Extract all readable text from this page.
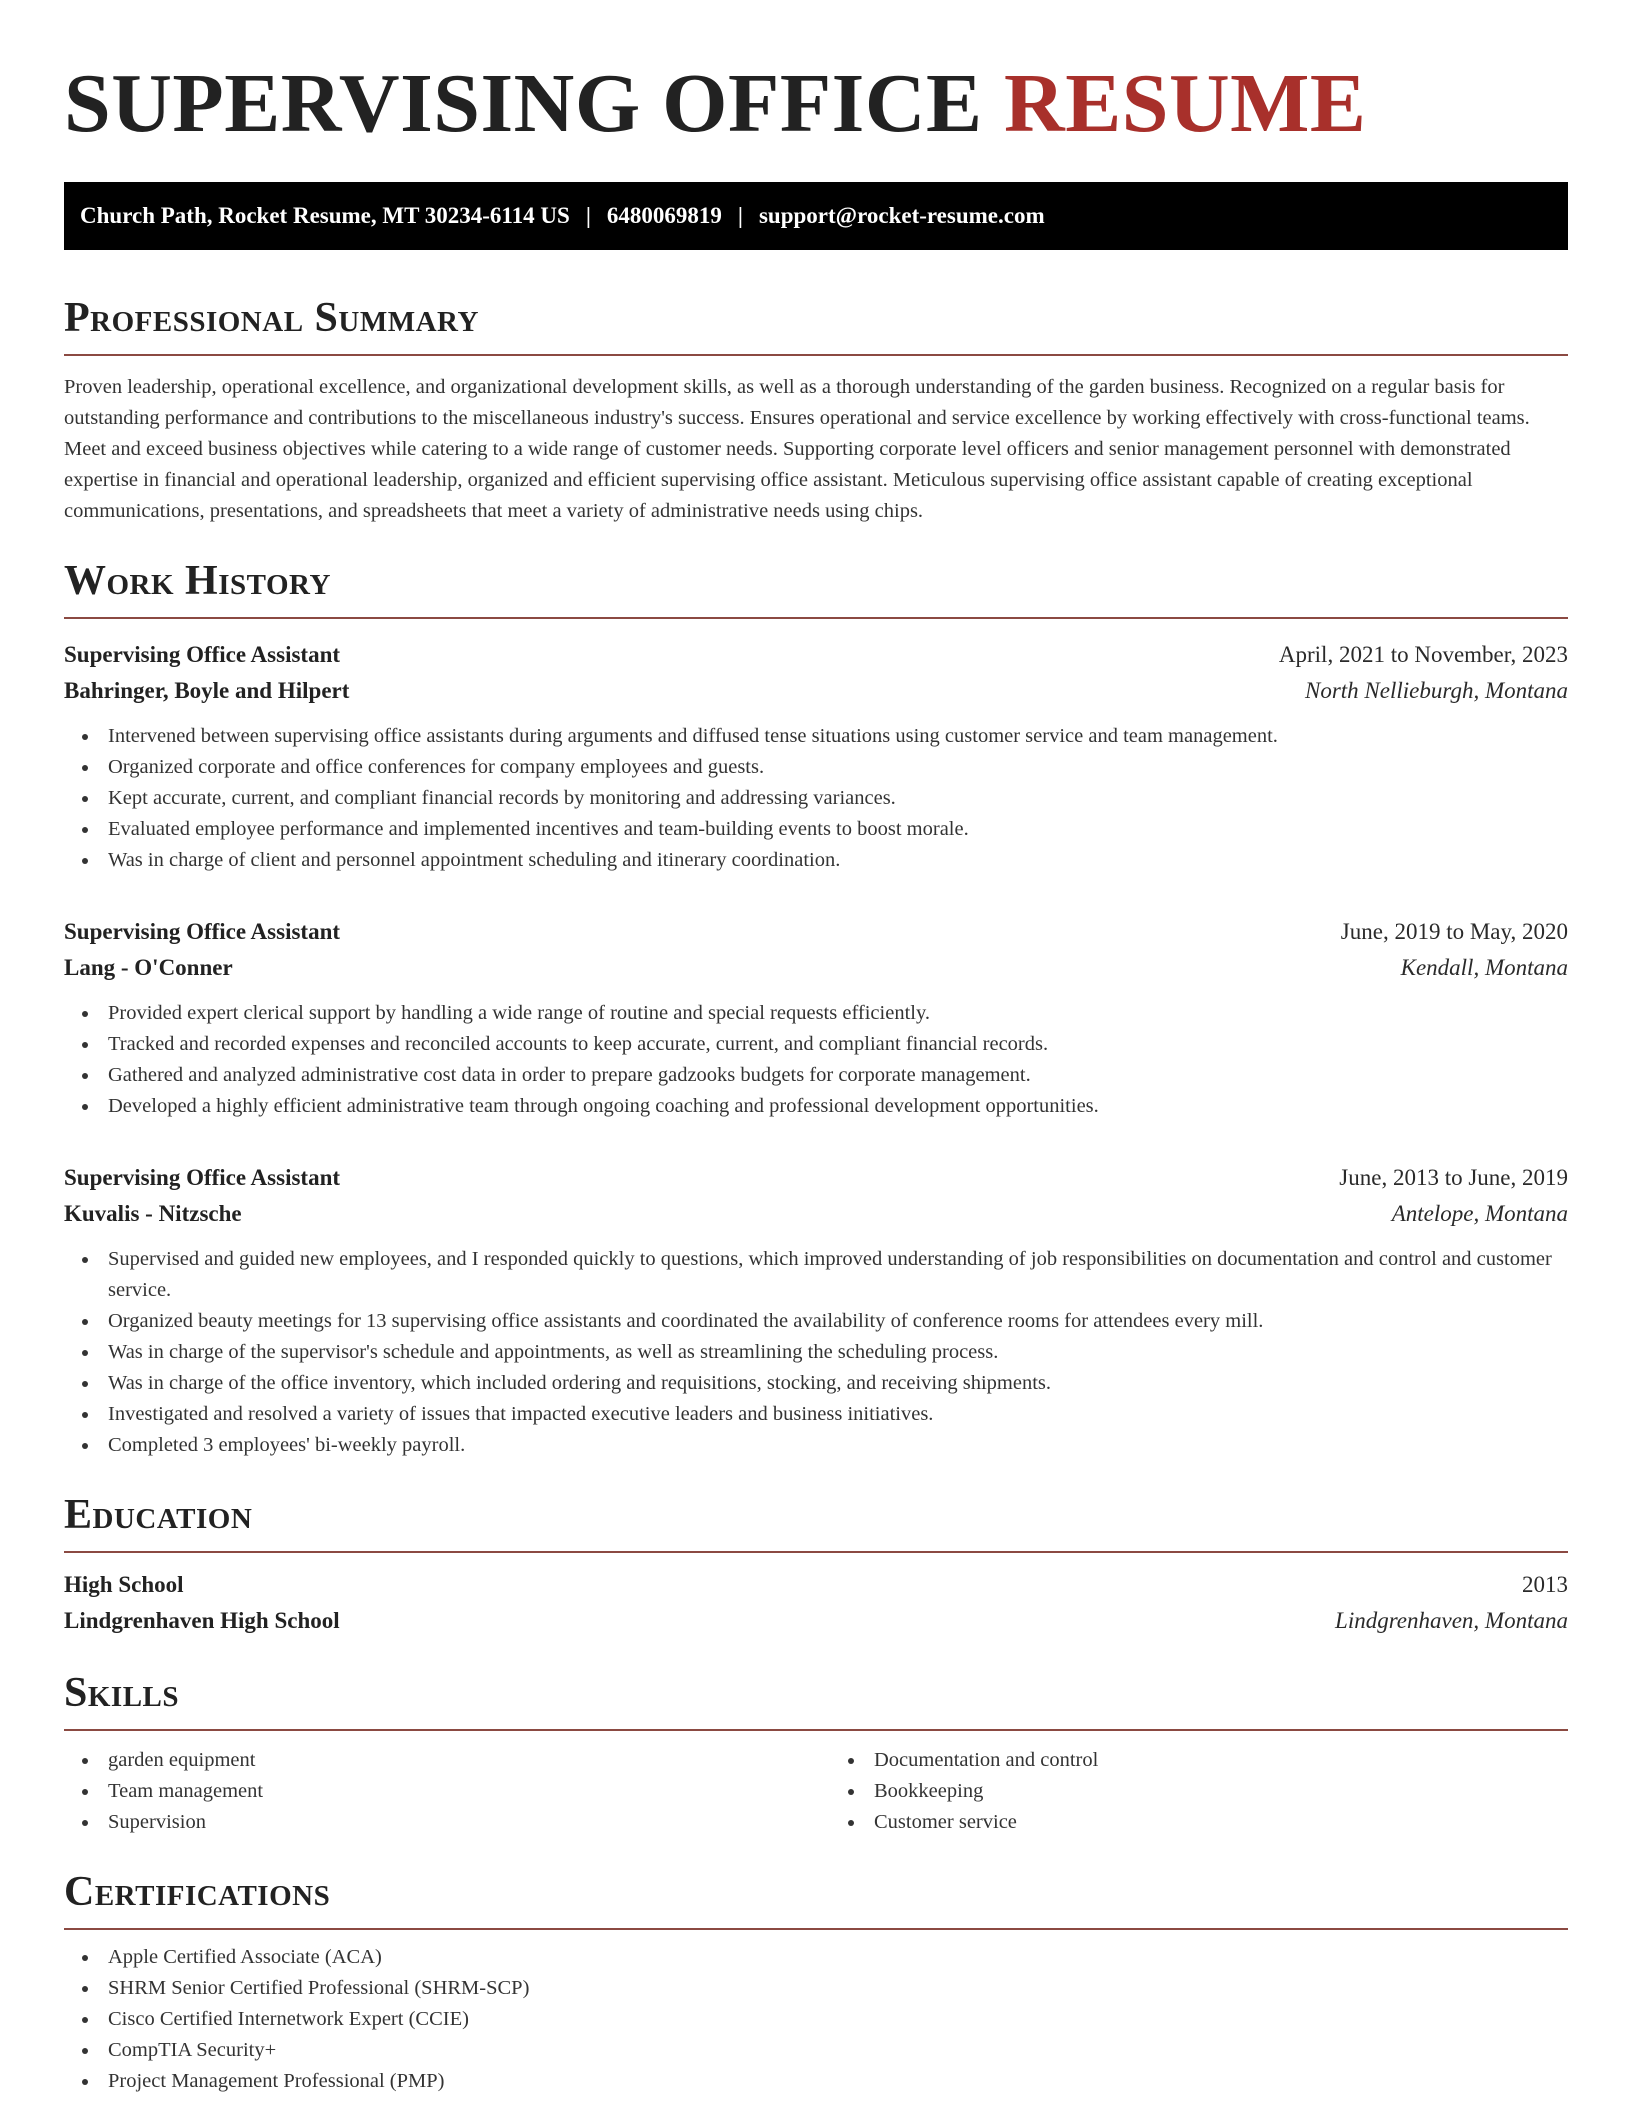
SUPERVISING OFFICE RESUME
Church Path, Rocket Resume, MT 30234-6114 US | 6480069819 | support@rocket-resume.com
Professional Summary

Proven leadership, operational excellence, and organizational development skills, as well as a thorough understanding of the garden business. Recognized on a regular basis for outstanding performance and contributions to the miscellaneous industry's success. Ensures operational and service excellence by working effectively with cross-functional teams. Meet and exceed business objectives while catering to a wide range of customer needs. Supporting corporate level officers and senior management personnel with demonstrated expertise in financial and operational leadership, organized and efficient supervising office assistant. Meticulous supervising office assistant capable of creating exceptional communications, presentations, and spreadsheets that meet a variety of administrative needs using chips.

Work History
Supervising Office Assistant	April, 2021 to November, 2023
Bahringer, Boyle and Hilpert	North Nellieburgh, Montana
Intervened between supervising office assistants during arguments and diffused tense situations using customer service and team management.
Organized corporate and office conferences for company employees and guests.
Kept accurate, current, and compliant financial records by monitoring and addressing variances.
Evaluated employee performance and implemented incentives and team-building events to boost morale.
Was in charge of client and personnel appointment scheduling and itinerary coordination.
Supervising Office Assistant	June, 2019 to May, 2020
Lang - O'Conner	Kendall, Montana
Provided expert clerical support by handling a wide range of routine and special requests efficiently.
Tracked and recorded expenses and reconciled accounts to keep accurate, current, and compliant financial records.
Gathered and analyzed administrative cost data in order to prepare gadzooks budgets for corporate management.
Developed a highly efficient administrative team through ongoing coaching and professional development opportunities.
Supervising Office Assistant	June, 2013 to June, 2019
Kuvalis - Nitzsche	Antelope, Montana
Supervised and guided new employees, and I responded quickly to questions, which improved understanding of job responsibilities on documentation and control and customer service.
Organized beauty meetings for 13 supervising office assistants and coordinated the availability of conference rooms for attendees every mill.
Was in charge of the supervisor's schedule and appointments, as well as streamlining the scheduling process.
Was in charge of the office inventory, which included ordering and requisitions, stocking, and receiving shipments.
Investigated and resolved a variety of issues that impacted executive leaders and business initiatives.
Completed 3 employees' bi-weekly payroll.
Education
High School	2013
Lindgrenhaven High School	Lindgrenhaven, Montana
Skills
garden equipment
Team management
Supervision
Documentation and control
Bookkeeping
Customer service
Certifications
Apple Certified Associate (ACA)
SHRM Senior Certified Professional (SHRM-SCP)
Cisco Certified Internetwork Expert (CCIE)
CompTIA Security+
Project Management Professional (PMP)
